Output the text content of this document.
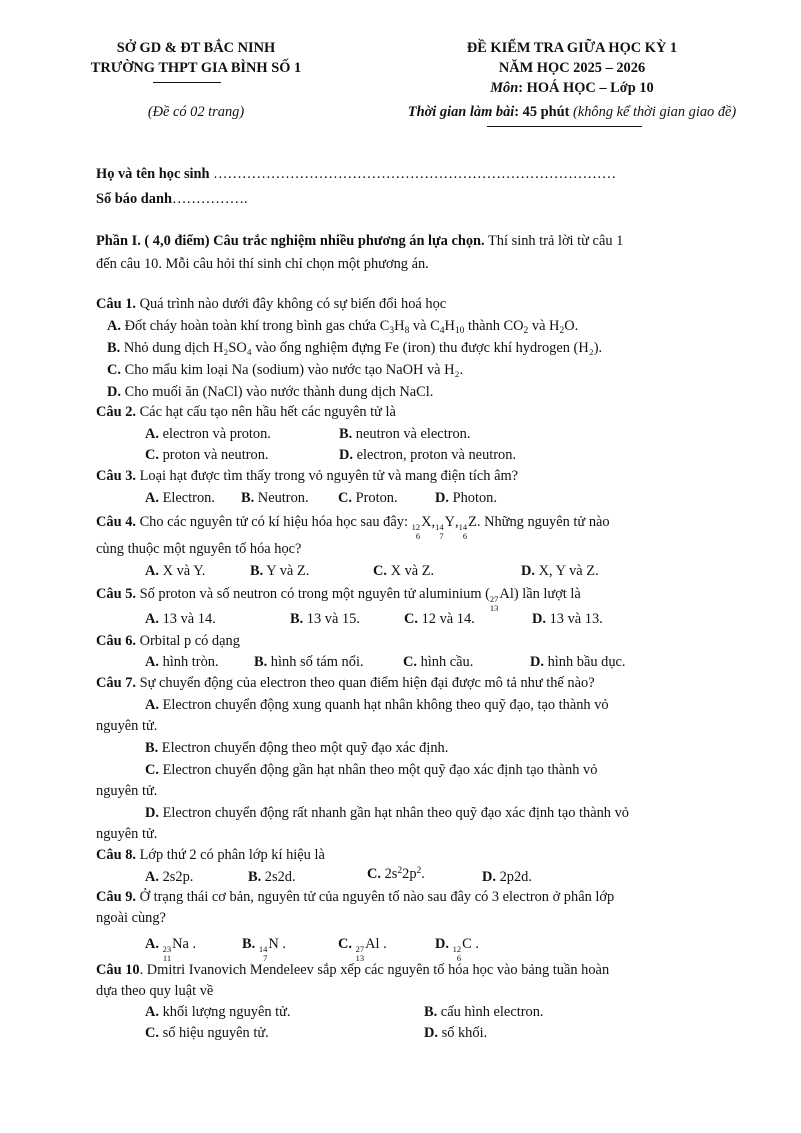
SỞ GD & ĐT BẮC NINH
TRƯỜNG THPT GIA BÌNH SỐ 1
(Đề có 02 trang)
ĐỀ KIỂM TRA GIỮA HỌC KỲ 1
NĂM HỌC 2025 – 2026
Môn: HOÁ HỌC – Lớp 10
Thời gian làm bài: 45 phút (không kể thời gian giao đề)
Họ và tên học sinh …………………………………………………………………………
Số báo danh…………….
Phần I. ( 4,0 điểm) Câu trắc nghiệm nhiều phương án lựa chọn. Thí sinh trả lời từ câu 1
đến câu 10. Mỗi câu hỏi thí sinh chỉ chọn một phương án.
Câu 1. Quá trình nào dưới đây không có sự biến đổi hoá học
A. Đốt cháy hoàn toàn khí trong bình gas chứa $C_3H_8$ và $C_4H_{10}$ thành $CO_2$ và $H_2O$.
B. Nhỏ dung dịch H₂SO₄ vào ống nghiệm đựng Fe (iron) thu được khí hydrogen (H₂).
C. Cho mẩu kim loại Na (sodium) vào nước tạo NaOH và H₂.
D. Cho muối ăn (NaCl) vào nước thành dung dịch NaCl.
Câu 2. Các hạt cấu tạo nên hầu hết các nguyên tử là
A. electron và proton.	B. neutron và electron.
C. proton và neutron.	D. electron, proton và neutron.
Câu 3. Loại hạt được tìm thấy trong vỏ nguyên tử và mang điện tích âm?
A. Electron. B. Neutron. C. Proton.	D. Photon.
Câu 4. Cho các nguyên tử có kí hiệu hóa học sau đây: 12
6
X, 14
7
Y, 14
6
Z. Những nguyên tử nào
cùng thuộc một nguyên tố hóa học?
A. X và Y.	B. Y và Z.	C. X và Z.	D. X, Y và Z.
Câu 5. Số proton và số neutron có trong một nguyên tử aluminium ( 27
13
Al) lần lượt là
A. 13 và 14.	B. 13 và 15.	C. 12 và 14.	D. 13 và 13.
Câu 6. Orbital p có dạng
A. hình tròn. B. hình số tám nổi.	C. hình cầu.	D. hình bầu dục.
Câu 7. Sự chuyển động của electron theo quan điểm hiện đại được mô tả như thế nào?
A. Electron chuyển động xung quanh hạt nhân không theo quỹ đạo, tạo thành vỏ
nguyên tử.
B. Electron chuyển động theo một quỹ đạo xác định.
C. Electron chuyển động gần hạt nhân theo một quỹ đạo xác định tạo thành vỏ
nguyên tử.
D. Electron chuyển động rất nhanh gần hạt nhân theo quỹ đạo xác định tạo thành vỏ
nguyên tử.
Câu 8. Lớp thứ 2 có phân lớp kí hiệu là
A. 2s2p.	B. 2s2d.	C. $2s^22p^2$.	D. 2p2d.
Câu 9. Ở trạng thái cơ bản, nguyên tử của nguyên tố nào sau đây có 3 electron ở phân lớp
ngoài cùng?
A. 23
11
Na .	B. 14
7
N .	C. 27
13
Al .	D. 12
6
C .
Câu 10. Dmitri Ivanovich Mendeleev sắp xếp các nguyên tố hóa học vào bảng tuần hoàn
dựa theo quy luật về
A. khối lượng nguyên tử.	B. cấu hình electron.
C. số hiệu nguyên tử.	D. số khối.
